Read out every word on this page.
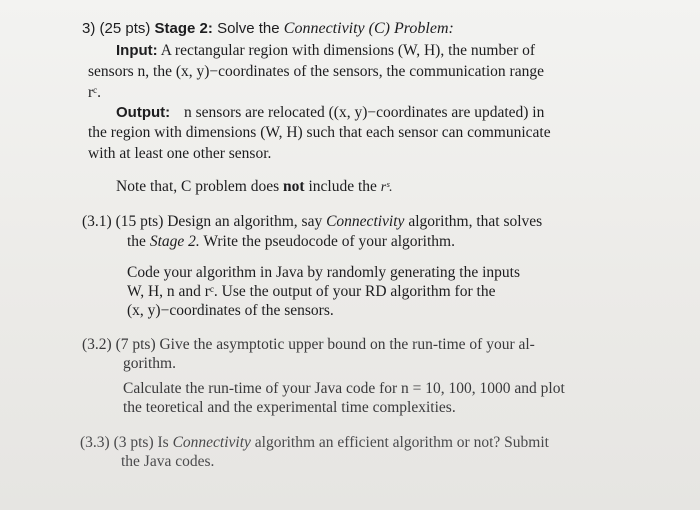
3) (25 pts) Stage 2: Solve the Connectivity (C) Problem:
Input: A rectangular region with dimensions (W, H), the number of
sensors n, the (x, y)−coordinates of the sensors, the communication range
rᶜ.
Output: n sensors are relocated ((x, y)−coordinates are updated) in
the region with dimensions (W, H) such that each sensor can communicate
with at least one other sensor.
Note that, C problem does not include the rˢ.
(3.1) (15 pts) Design an algorithm, say Connectivity algorithm, that solves
the Stage 2. Write the pseudocode of your algorithm.
Code your algorithm in Java by randomly generating the inputs
W, H, n and rᶜ. Use the output of your RD algorithm for the
(x, y)−coordinates of the sensors.
(3.2) (7 pts) Give the asymptotic upper bound on the run-time of your al-
gorithm.
Calculate the run-time of your Java code for n = 10, 100, 1000 and plot
the teoretical and the experimental time complexities.
(3.3) (3 pts) Is Connectivity algorithm an efficient algorithm or not? Submit
the Java codes.
